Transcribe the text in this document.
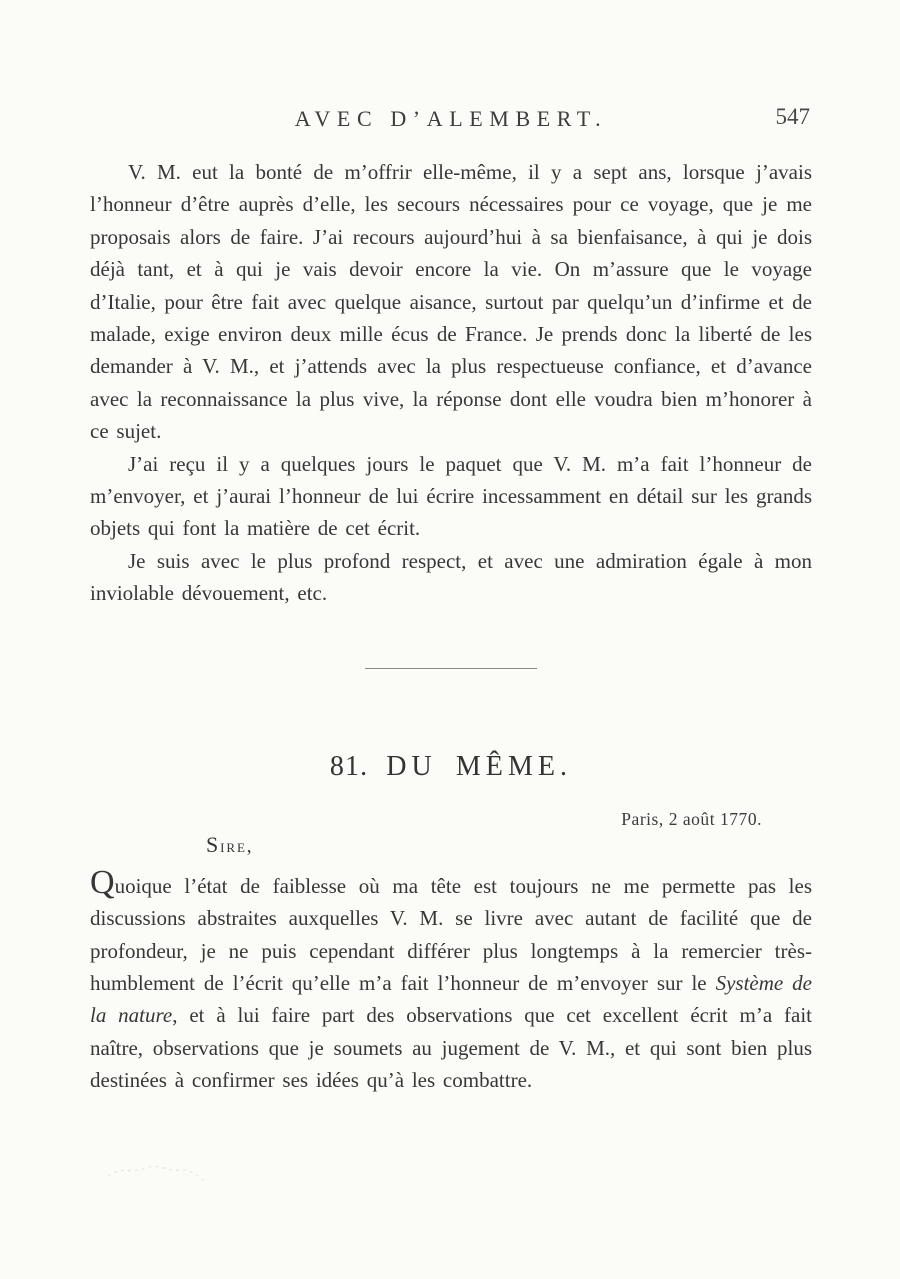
AVEC D’ALEMBERT.	547

V. M. eut la bonté de m’offrir elle-même, il y a sept ans, lorsque j’avais l’honneur d’être auprès d’elle, les secours nécessaires pour ce voyage, que je me proposais alors de faire. J’ai recours aujourd’hui à sa bienfaisance, à qui je dois déjà tant, et à qui je vais devoir encore la vie. On m’assure que le voyage d’Italie, pour être fait avec quelque aisance, surtout par quelqu’un d’infirme et de malade, exige environ deux mille écus de France. Je prends donc la liberté de les demander à V. M., et j’attends avec la plus respectueuse confiance, et d’avance avec la reconnaissance la plus vive, la réponse dont elle voudra bien m’honorer à ce sujet.

J’ai reçu il y a quelques jours le paquet que V. M. m’a fait l’honneur de m’envoyer, et j’aurai l’honneur de lui écrire incessamment en détail sur les grands objets qui font la matière de cet écrit.

Je suis avec le plus profond respect, et avec une admiration égale à mon inviolable dévouement, etc.

81. DU MÊME.
Paris, 2 août 1770.
Sire,

Quoique l’état de faiblesse où ma tête est toujours ne me permette pas les discussions abstraites auxquelles V. M. se livre avec autant de facilité que de profondeur, je ne puis cependant différer plus longtemps à la remercier très-humblement de l’écrit qu’elle m’a fait l’honneur de m’envoyer sur le Système de la nature, et à lui faire part des observations que cet excellent écrit m’a fait naître, observations que je soumets au jugement de V. M., et qui sont bien plus destinées à confirmer ses idées qu’à les combattre.
